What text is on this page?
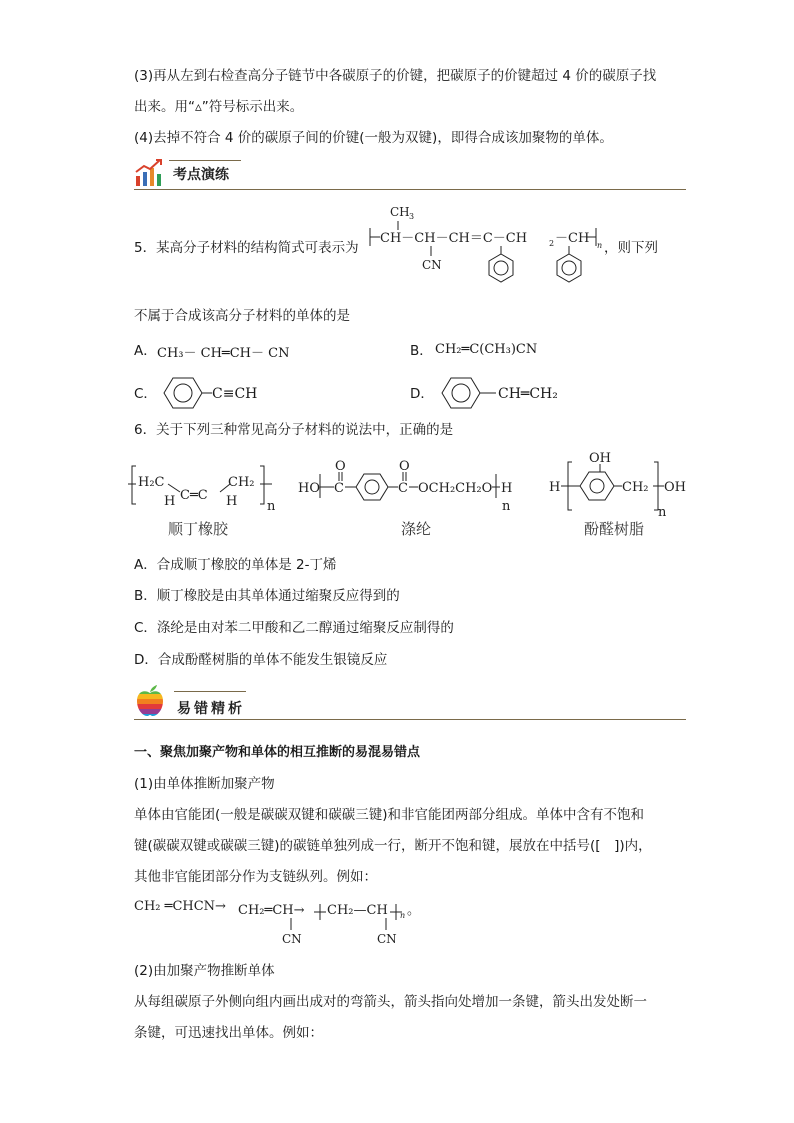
(3)再从左到右检查高分子链节中各碳原子的价键，把碳原子的价键超过 4 价的碳原子找
出来。用“▵”符号标示出来。
(4)去掉不符合 4 价的碳原子间的价键(一般为双键)，即得合成该加聚物的单体。
考点演练
5．某高分子材料的结构简式可表示为
CH 3
CH－CH－CH＝C－CH	2 －CH n
CN
，则下列
不属于合成该高分子材料的单体的是
A． CH₃－ CH═CH－ CN	B． CH₂═C(CH₃)CN
C．	C≡CH	D．	CH═CH₂
6．关于下列三种常见高分子材料的说法中，正确的是
H₂C
H C═C H
CH₂
n
顺丁橡胶
HO C
O
C
O
OCH₂CH₂O H
n
涤纶
H
OH
CH₂ OH
n
酚醛树脂
A．合成顺丁橡胶的单体是 2-丁烯
B．顺丁橡胶是由其单体通过缩聚反应得到的
C．涤纶是由对苯二甲酸和乙二醇通过缩聚反应制得的
D．合成酚醛树脂的单体不能发生银镜反应
易错精析
一、聚焦加聚产物和单体的相互推断的易混易错点
(1)由单体推断加聚产物
单体由官能团(一般是碳碳双键和碳碳三键)和非官能团两部分组成。单体中含有不饱和
键(碳碳双键或碳碳三键)的碳链单独列成一行，断开不饱和键，展放在中括号([　])内，
其他非官能团部分作为支链纵列。例如：
CH₂ ═CHCN→ CH₂═CH→
CN
CH₂—CH n 。
CN
(2)由加聚产物推断单体
从每组碳原子外侧向组内画出成对的弯箭头，箭头指向处增加一条键，箭头出发处断一
条键，可迅速找出单体。例如：
